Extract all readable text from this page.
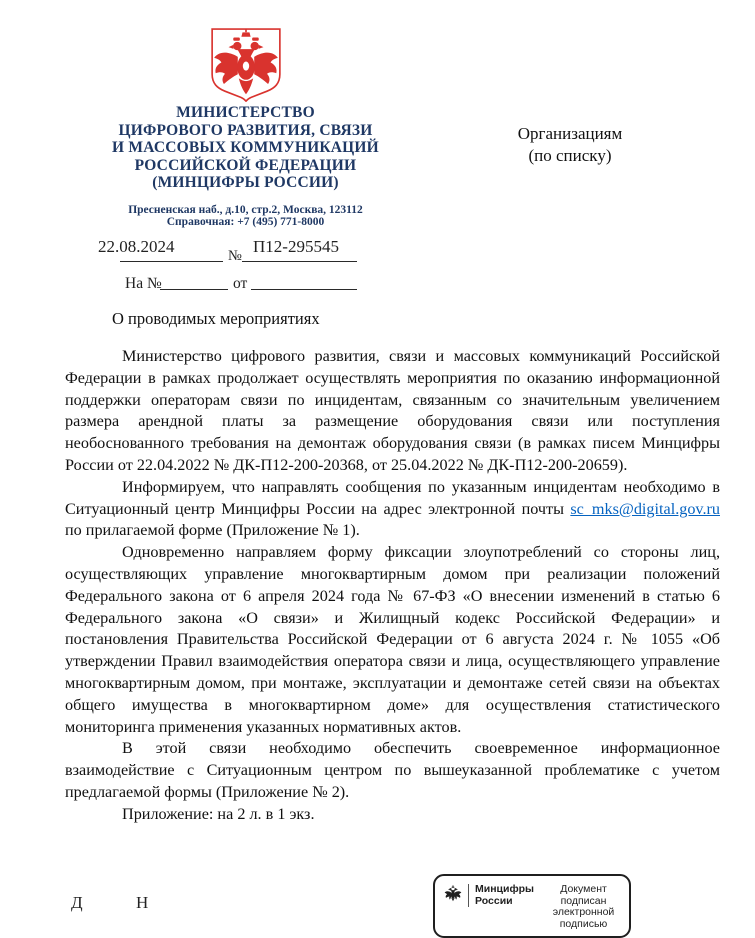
МИНИСТЕРСТВО
ЦИФРОВОГО РАЗВИТИЯ, СВЯЗИ
И МАССОВЫХ КОММУНИКАЦИЙ
РОССИЙСКОЙ ФЕДЕРАЦИИ
(МИНЦИФРЫ РОССИИ)
Пресненская наб., д.10, стр.2, Москва, 123112
Справочная: +7 (495) 771-8000
Организациям
(по списку)
22.08.2024	№ П12-295545
На №	от
О проводимых мероприятиях

Министерство цифрового развития, связи и массовых коммуникаций Российской Федерации в рамках продолжает осуществлять мероприятия по оказанию информационной поддержки операторам связи по инцидентам, связанным со значительным увеличением размера арендной платы за размещение оборудования связи или поступления необоснованного требования на демонтаж оборудования связи (в рамках писем Минцифры России от 22.04.2022 № ДК-П12-200-20368, от 25.04.2022 № ДК-П12-200-20659).

Информируем, что направлять сообщения по указанным инцидентам необходимо в Ситуационный центр Минцифры России на адрес электронной почты sc_mks@digital.gov.ru по прилагаемой форме (Приложение № 1).

Одновременно направляем форму фиксации злоупотреблений со стороны лиц, осуществляющих управление многоквартирным домом при реализации положений Федерального закона от 6 апреля 2024 года № 67-ФЗ «О внесении изменений в статью 6 Федерального закона «О связи» и Жилищный кодекс Российской Федерации» и постановления Правительства Российской Федерации от 6 августа 2024 г. № 1055 «Об утверждении Правил взаимодействия оператора связи и лица, осуществляющего управление многоквартирным домом, при монтаже, эксплуатации и демонтаже сетей связи на объектах общего имущества в многоквартирном доме» для осуществления статистического мониторинга применения указанных нормативных актов.

В этой связи необходимо обеспечить своевременное информационное взаимодействие с Ситуационным центром по вышеуказанной проблематике с учетом предлагаемой формы (Приложение № 2).

Приложение: на 2 л. в 1 экз.

Д	Н
Минцифры
России
Документ подписан
электронной подписью
